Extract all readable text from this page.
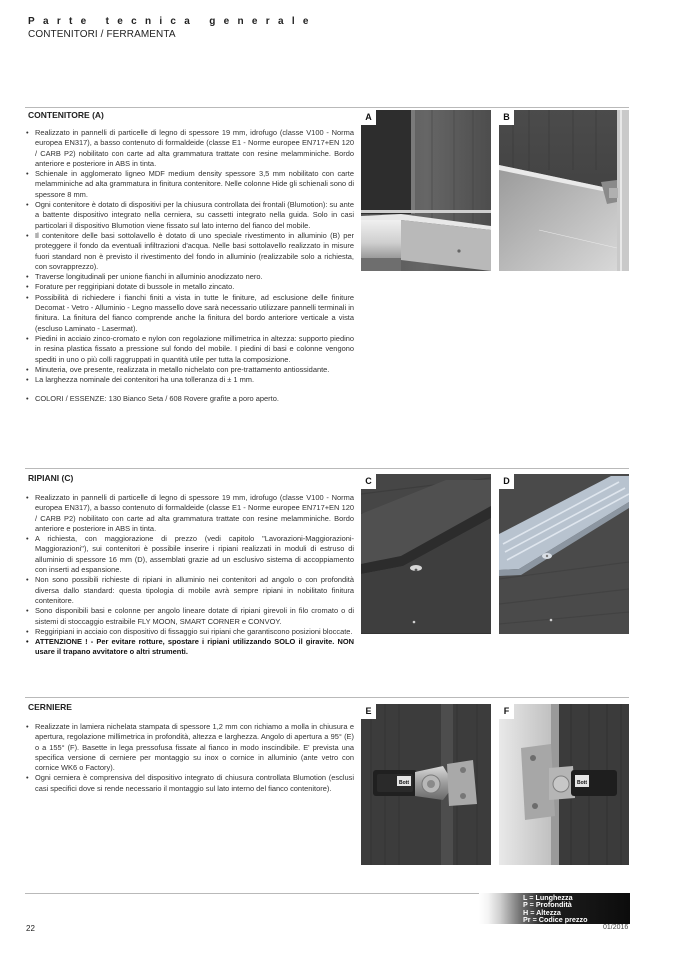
Parte tecnica generale
CONTENITORI / FERRAMENTA
CONTENITORE (A)
• Realizzato in pannelli di particelle di legno di spessore 19 mm, idrofugo (classe V100 - Norma europea EN317), a basso contenuto di formaldeide (classe E1 - Norme europee EN717+EN 120 / CARB P2) nobilitato con carte ad alta grammatura trattate con resine melamminiche. Bordo anteriore e posteriore in ABS in tinta.
• Schienale in agglomerato ligneo MDF medium density spessore 3,5 mm nobilitato con carte melamminiche ad alta grammatura in finitura contenitore. Nelle colonne Hide gli schienali sono di spessore 8 mm.
• Ogni contenitore è dotato di dispositivi per la chiusura controllata dei frontali (Blumotion): su ante a battente dispositivo integrato nella cerniera, su cassetti integrato nella guida. Solo in casi particolari il dispositivo Blumotion viene fissato sul lato interno del fianco del mobile.
• Il contenitore delle basi sottolavello è dotato di uno speciale rivestimento in alluminio (B) per proteggere il fondo da eventuali infiltrazioni d'acqua. Nelle basi sottolavello realizzato in misure fuori standard non è previsto il rivestimento del fondo in alluminio (realizzabile solo a richiesta, con sovrapprezzo).
• Traverse longitudinali per unione fianchi in alluminio anodizzato nero.
• Forature per reggiripiani dotate di bussole in metallo zincato.
• Possibilità di richiedere i fianchi finiti a vista in tutte le finiture, ad esclusione delle finiture Decomat - Vetro - Alluminio - Legno massello dove sarà necessario utilizzare pannelli terminali in finitura. La finitura del fianco comprende anche la finitura del bordo anteriore verticale a vista (escluso Laminato - Lasermat).
• Piedini in acciaio zinco-cromato e nylon con regolazione millimetrica in altezza: supporto piedino in resina plastica fissato a pressione sul fondo del mobile. I piedini di basi e colonne vengono spediti in uno o più colli raggruppati in quantità utile per tutta la composizione.
• Minuteria, ove presente, realizzata in metallo nichelato con pre-trattamento antiossidante.
• La larghezza nominale dei contenitori ha una tolleranza di ± 1 mm.
• COLORI / ESSENZE: 130 Bianco Seta / 608 Rovere grafite a poro aperto.
A	B
RIPIANI (C)
• Realizzato in pannelli di particelle di legno di spessore 19 mm, idrofugo (classe V100 - Norma europea EN317), a basso contenuto di formaldeide (classe E1 - Norme europee EN717+EN 120 / CARB P2) nobilitato con carte ad alta grammatura trattate con resine melamminiche. Bordo anteriore e posteriore in ABS in tinta.
• A richiesta, con maggiorazione di prezzo (vedi capitolo "Lavorazioni-Maggiorazioni-Maggiorazioni"), sui contenitori è possibile inserire i ripiani realizzati in moduli di estruso di alluminio di spessore 16 mm (D), assemblati grazie ad un esclusivo sistema di accoppiamento con inserti ad espansione.
• Non sono possibili richieste di ripiani in alluminio nei contenitori ad angolo o con profondità diversa dallo standard: questa tipologia di mobile avrà sempre ripiani in nobilitato finitura contenitore.
• Sono disponibili basi e colonne per angolo lineare dotate di ripiani girevoli in filo cromato o di sistemi di stoccaggio estraibile FLY MOON, SMART CORNER e CONVOY.
• Reggiripiani in acciaio con dispositivo di fissaggio sui ripiani che garantiscono posizioni bloccate.
• ATTENZIONE ! - Per evitare rotture, spostare i ripiani utilizzando SOLO il giravite. NON usare il trapano avvitatore o altri strumenti.
C	D
CERNIERE
• Realizzate in lamiera nichelata stampata di spessore 1,2 mm con richiamo a molla in chiusura e apertura, regolazione millimetrica in profondità, altezza e larghezza. Angolo di apertura a 95° (E) o a 155° (F). Basette in lega pressofusa fissate al fianco in modo inscindibile. E' prevista una specifica versione di cerniere per montaggio su inox o cornice in alluminio (ante vetro con cornice WK6 o Factory).
• Ogni cerniera è comprensiva del dispositivo integrato di chiusura controllata Blumotion (esclusi casi specifici dove si rende necessario il montaggio sul lato interno del fianco contenitore).
E
Bott
F
Bott
L = Lunghezza
P = Profondità
H = Altezza
Pr = Codice prezzo
22	01/2016
